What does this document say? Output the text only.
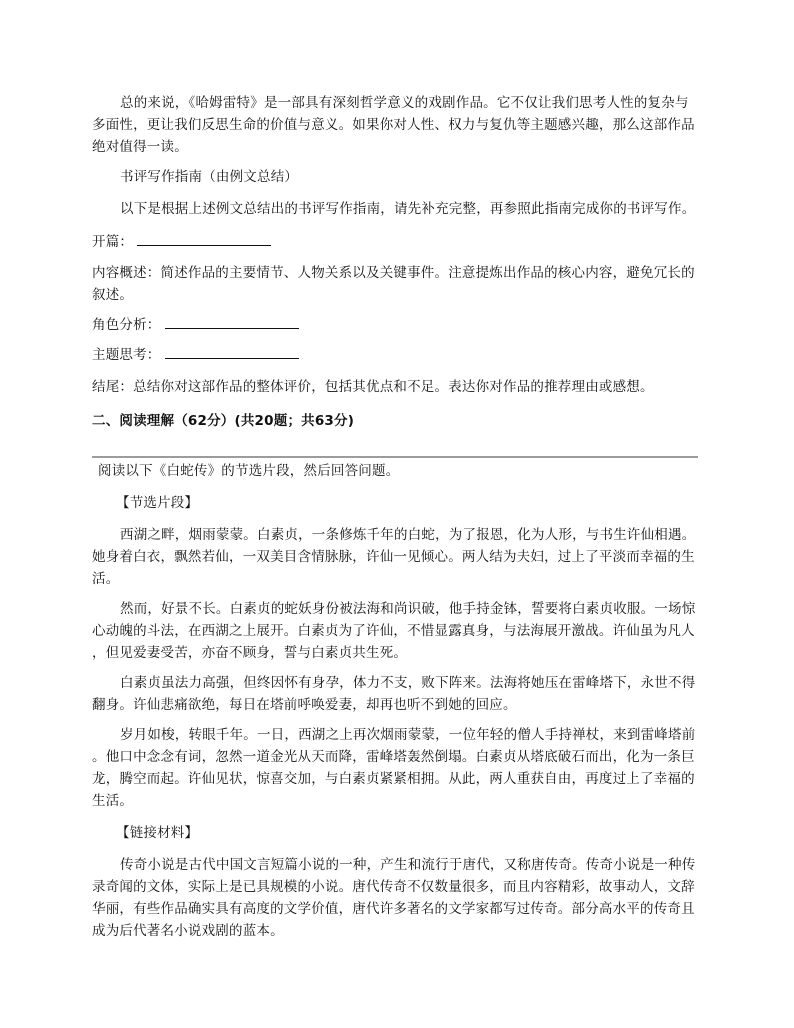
总的来说，《哈姆雷特》是一部具有深刻哲学意义的戏剧作品。它不仅让我们思考人性的复杂与
多面性，更让我们反思生命的价值与意义。如果你对人性、权力与复仇等主题感兴趣，那么这部作品
绝对值得一读。
书评写作指南（由例文总结）
以下是根据上述例文总结出的书评写作指南，请先补充完整，再参照此指南完成你的书评写作。
开篇：
内容概述：简述作品的主要情节、人物关系以及关键事件。注意提炼出作品的核心内容，避免冗长的
叙述。
角色分析：
主题思考：
结尾：总结你对这部作品的整体评价，包括其优点和不足。表达你对作品的推荐理由或感想。
二、阅读理解（62分）(共20题；共63分)
阅读以下《白蛇传》的节选片段，然后回答问题。
【节选片段】
西湖之畔，烟雨蒙蒙。白素贞，一条修炼千年的白蛇，为了报恩，化为人形，与书生许仙相遇。
她身着白衣，飘然若仙，一双美目含情脉脉，许仙一见倾心。两人结为夫妇，过上了平淡而幸福的生
活。
然而，好景不长。白素贞的蛇妖身份被法海和尚识破，他手持金钵，誓要将白素贞收服。一场惊
心动魄的斗法，在西湖之上展开。白素贞为了许仙，不惜显露真身，与法海展开激战。许仙虽为凡人
，但见爱妻受苦，亦奋不顾身，誓与白素贞共生死。
白素贞虽法力高强，但终因怀有身孕，体力不支，败下阵来。法海将她压在雷峰塔下，永世不得
翻身。许仙悲痛欲绝，每日在塔前呼唤爱妻，却再也听不到她的回应。
岁月如梭，转眼千年。一日，西湖之上再次烟雨蒙蒙，一位年轻的僧人手持禅杖，来到雷峰塔前
。他口中念念有词，忽然一道金光从天而降，雷峰塔轰然倒塌。白素贞从塔底破石而出，化为一条巨
龙，腾空而起。许仙见状，惊喜交加，与白素贞紧紧相拥。从此，两人重获自由，再度过上了幸福的
生活。
【链接材料】
传奇小说是古代中国文言短篇小说的一种，产生和流行于唐代，又称唐传奇。传奇小说是一种传
录奇闻的文体，实际上是已具规模的小说。唐代传奇不仅数量很多，而且内容精彩，故事动人，文辞
华丽，有些作品确实具有高度的文学价值，唐代许多著名的文学家都写过传奇。部分高水平的传奇且
成为后代著名小说戏剧的蓝本。
